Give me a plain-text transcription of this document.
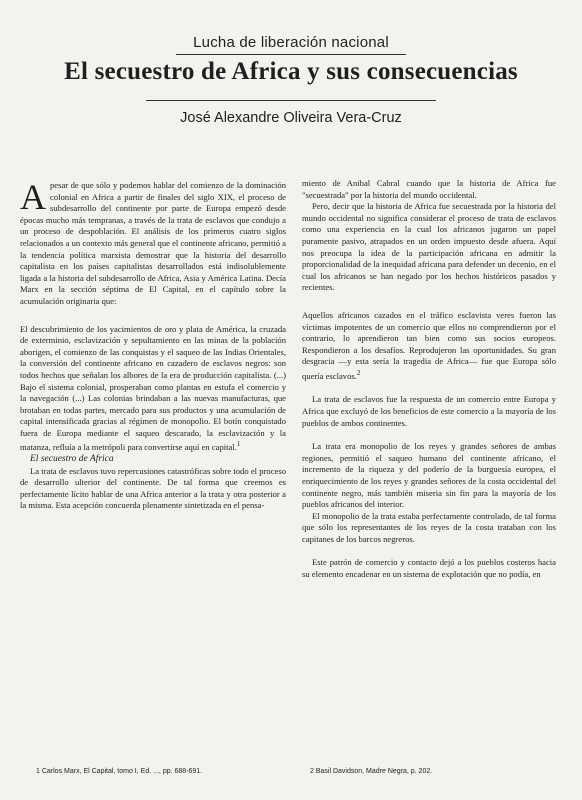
Lucha de liberación nacional
El secuestro de Africa y sus consecuencias
José Alexandre Oliveira Vera-Cruz

Apesar de que sólo y podemos hablar del comienzo de la dominación colonial en Africa a partir de finales del siglo XIX, el proceso de subdesarrollo del continente por parte de Europa empezó desde épocas mucho más tempranas, a través de la trata de esclavos que condujo a un proceso de despoblación. El análisis de los primeros cuatro siglos relacionados a un contexto más general que el continente africano, permitió a la tendencia política marxista demostrar que la historia del desarrollo capitalista en los países capitalistas desarrollados está indisolublemente ligada a la historia del subdesarrollo de Africa, Asia y América Latina. Decía Marx en la sección séptima de El Capital, en el capítulo sobre la acumulación originaria que:

El descubrimiento de los yacimientos de oro y plata de América, la cruzada de exterminio, esclavización y sepultamiento en las minas de la población aborigen, el comienzo de las conquistas y el saqueo de las Indias Orientales, la conversión del continente africano en cazadero de esclavos negros: son todos hechos que señalan los albores de la era de producción capitalista. (...) Bajo el sistema colonial, prosperaban como plantas en estufa el comercio y la navegación (...) Las colonias brindaban a las nuevas manufacturas, que brotaban en todas partes, mercado para sus productos y una acumulación de capital intensificada gracias al régimen de monopolio. El botín conquistado fuera de Europa mediante el saqueo descarado, la esclavización y la matanza, refluía a la metrópoli para convertirse aquí en capital.$^1$

El secuestro de Africa

La trata de esclavos tuvo repercusiones catastróficas sobre todo el proceso de desarrollo ulterior del continente. De tal forma que creemos es perfectamente lícito hablar de una Africa anterior a la trata y otra posterior a la misma. Esta acepción concuerda plenamente sintetizada en el pensa-

miento de Anibal Cabral cuando que la historia de Africa fue "secuestrada" por la historia del mundo occidental.

Pero, decir que la historia de Africa fue secuestrada por la historia del mundo occidental no significa considerar el proceso de trata de esclavos como una experiencia en la cual los africanos jugaron un papel puramente pasivo, atrapados en un orden impuesto desde afuera. Aquí nos preocupa la idea de la participación africana en admitir la proporcionalidad de la inequidad africana para defender un decenio, en el cual los africanos se han negado por los hechos históricos pasados y recientes.

Aquellos africanos cazados en el tráfico esclavista veres fueron las víctimas impotentes de un comercio que ellos no comprendieron por el contrario, lo aprendieron tan bien como sus socios europeos. Respondieron a los desafíos. Reprodujeron las oportunidades. Su gran desgracia —y esta sería la tragedia de Africa— fue que Europa sólo quería esclavos.$^2$

La trata de esclavos fue la respuesta de un comercio entre Europa y Africa que excluyó de los beneficios de este comercio a la mayoría de los pueblos de ambos continentes.

La trata era monopolio de los reyes y grandes señores de ambas regiones, permitió el saqueo humano del continente africano, el incremento de la riqueza y del poderío de la burguesía europea, el enriquecimiento de los reyes y grandes señores de la costa occidental del continente negro, más también miseria sin fin para la mayoría de los pueblos africanos del interior.

El monopolio de la trata estaba perfectamente controlado, de tal forma que sólo los representantes de los reyes de la costa trataban con los capitanes de los barcos negreros.

Este patrón de comercio y contacto dejó a los pueblos costeros hacia su elemento encadenar en un sistema de explotación que no podía, en

1 Carlos Marx, El Capital, tomo I, Ed. ..., pp. 688-691.	2 Basil Davidson, Madre Negra, p. 202.
